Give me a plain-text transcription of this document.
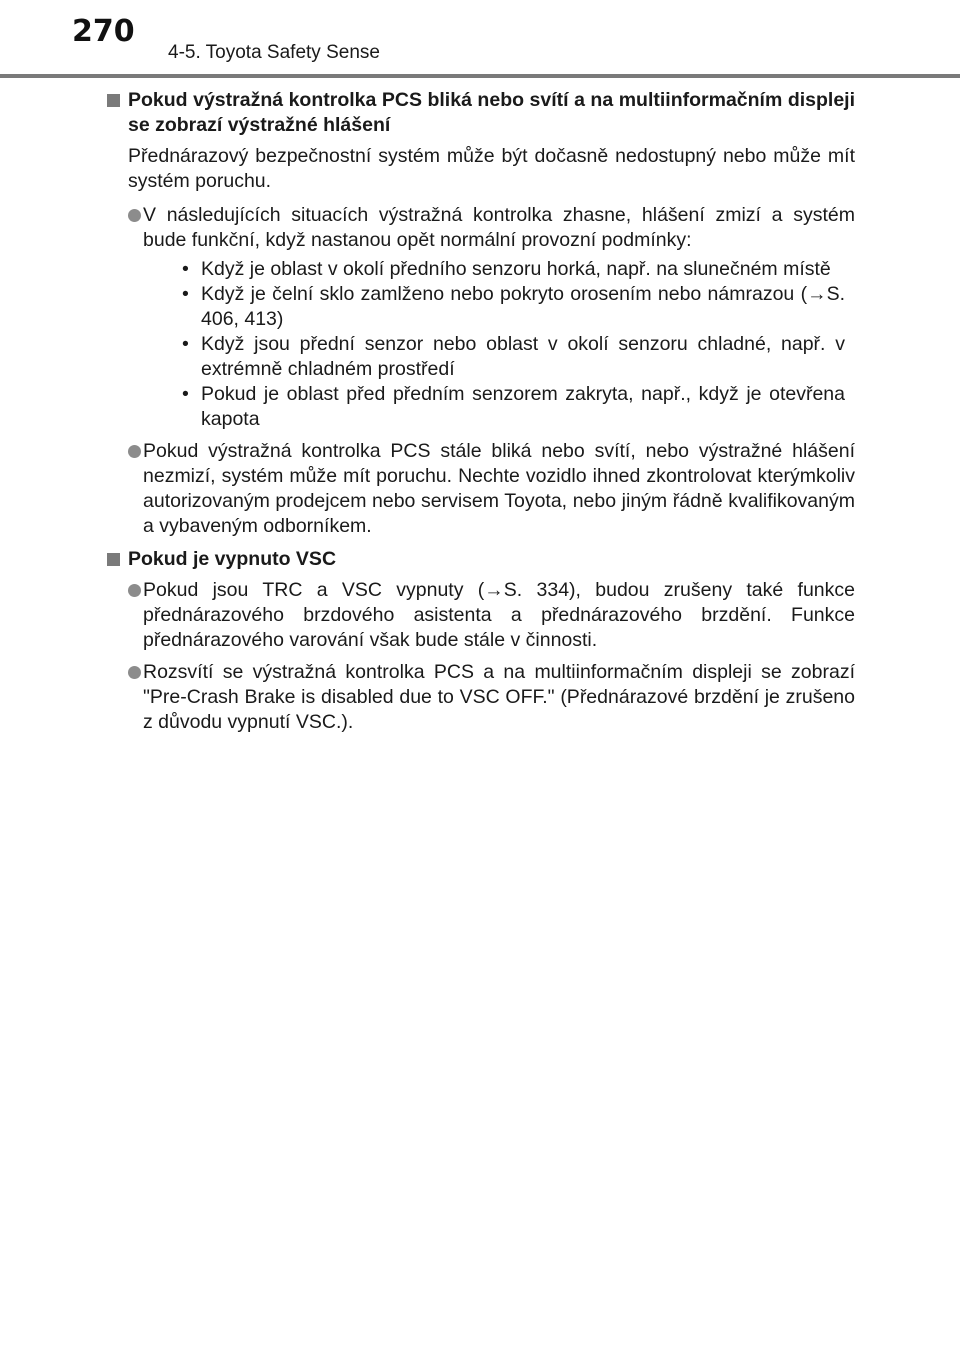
270
4-5. Toyota Safety Sense
Pokud výstražná kontrolka PCS bliká nebo svítí a na multiinformačním displeji se zobrazí výstražné hlášení
Přednárazový bezpečnostní systém může být dočasně nedostupný nebo může mít systém poruchu.
V následujících situacích výstražná kontrolka zhasne, hlášení zmizí a systém bude funkční, když nastanou opět normální provozní podmínky:
• Když je oblast v okolí předního senzoru horká, např. na slunečném místě
• Když je čelní sklo zamlženo nebo pokryto orosením nebo námrazou (→S. 406, 413)
• Když jsou přední senzor nebo oblast v okolí senzoru chladné, např. v extrémně chladném prostředí
• Pokud je oblast před předním senzorem zakryta, např., když je otevřena kapota
Pokud výstražná kontrolka PCS stále bliká nebo svítí, nebo výstražné hlášení nezmizí, systém může mít poruchu. Nechte vozidlo ihned zkontrolovat kterýmkoliv autorizovaným prodejcem nebo servisem Toyota, nebo jiným řádně kvalifikovaným a vybaveným odborníkem.
Pokud je vypnuto VSC
Pokud jsou TRC a VSC vypnuty (→S. 334), budou zrušeny také funkce přednárazového brzdového asistenta a přednárazového brzdění. Funkce přednárazového varování však bude stále v činnosti.
Rozsvítí se výstražná kontrolka PCS a na multiinformačním displeji se zobrazí "Pre-Crash Brake is disabled due to VSC OFF." (Přednárazové brzdění je zrušeno z důvodu vypnutí VSC.).
